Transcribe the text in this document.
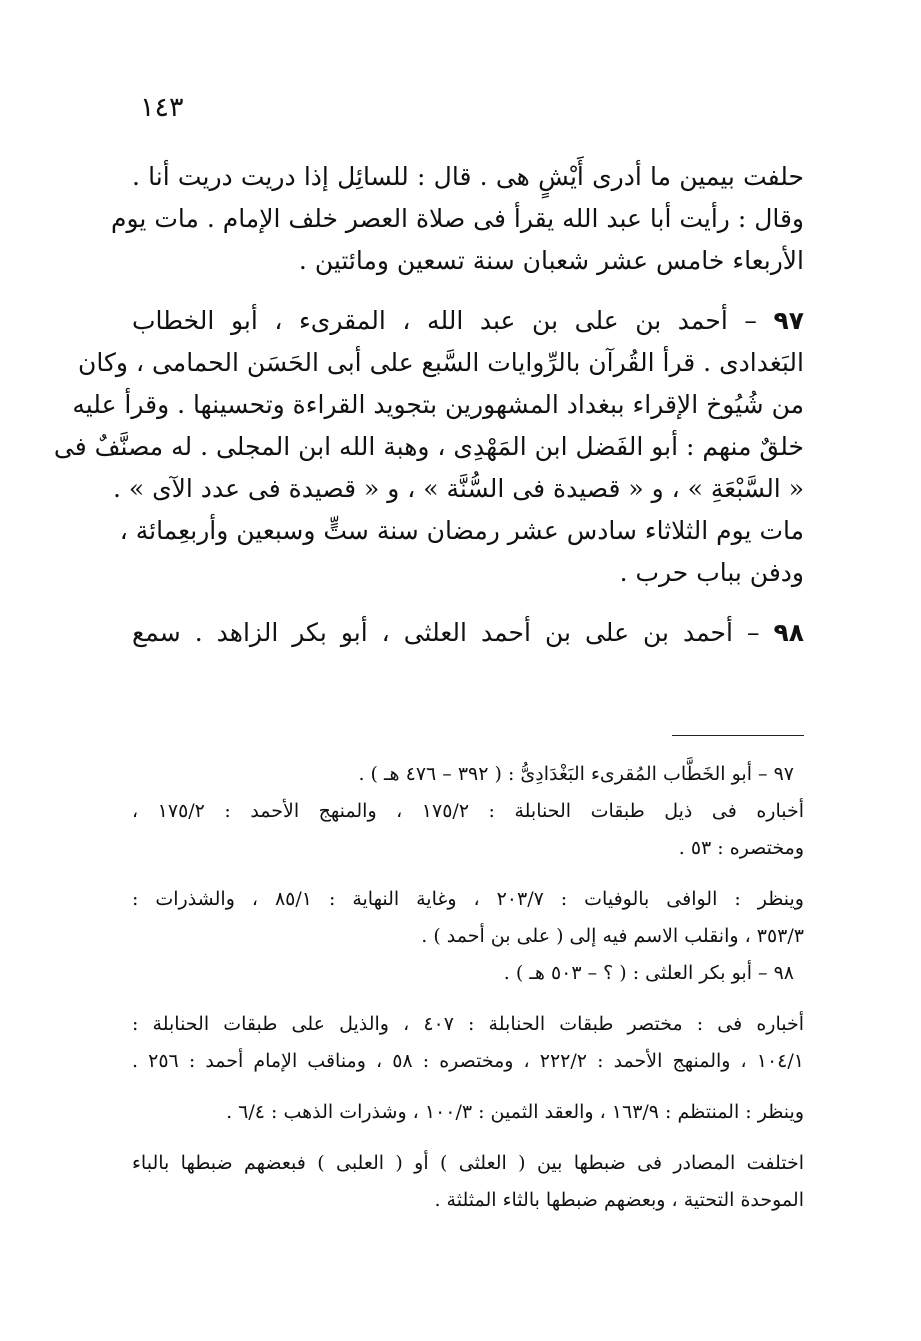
١٤٣
حلفت بيمين ما أدرى أَيْشٍ هى . قال : للسائِل إذا دريت دريت أنا .
وقال : رأيت أبا عبد الله يقرأ فى صلاة العصر خلف الإمام . مات يوم
الأربعاء خامس عشر شعبان سنة تسعين ومائتين .
٩٧ – أحمد بن على بن عبد الله ، المقرىء ، أبو الخطاب
البَغدادى . قرأ القُرآن بالرِّوايات السَّبع على أبى الحَسَن الحمامى ، وكان
من شُيُوخ الإقراء ببغداد المشهورين بتجويد القراءة وتحسينها . وقرأ عليه
خلقٌ منهم : أبو الفَضل ابن المَهْدِى ، وهبة الله ابن المجلى . له مصنَّفٌ فى
« السَّبْعَةِ » ، و « قصيدة فى السُّنَّة » ، و « قصيدة فى عدد الآى » .
مات يوم الثلاثاء سادس عشر رمضان سنة ستٍّ وسبعين وأربعِمائة ،
ودفن بباب حرب .
٩٨ – أحمد بن على بن أحمد العلثى ، أبو بكر الزاهد . سمع
٩٧ – أبو الخَطَّاب المُقرىء البَغْدَادِىُّ : ( ٣٩٢ – ٤٧٦ هـ ) .
أخباره فى ذيل طبقات الحنابلة : ١٧٥/٢ ، والمنهج الأحمد : ١٧٥/٢ ،
ومختصره : ٥٣ .
وينظر : الوافى بالوفيات : ٢٠٣/٧ ، وغاية النهاية : ٨٥/١ ، والشذرات :
٣٥٣/٣ ، وانقلب الاسم فيه إلى ( على بن أحمد ) .
٩٨ – أبو بكر العلثى : ( ؟ – ٥٠٣ هـ ) .
أخباره فى : مختصر طبقات الحنابلة : ٤٠٧ ، والذيل على طبقات الحنابلة :
١٠٤/١ ، والمنهج الأحمد : ٢٢٢/٢ ، ومختصره : ٥٨ ، ومناقب الإمام أحمد : ٢٥٦ .
وينظر : المنتظم : ١٦٣/٩ ، والعقد الثمين : ١٠٠/٣ ، وشذرات الذهب : ٦/٤ .
اختلفت المصادر فى ضبطها بين ( العلثى ) أو ( العلبى ) فبعضهم ضبطها بالباء
الموحدة التحتية ، وبعضهم ضبطها بالثاء المثلثة .
